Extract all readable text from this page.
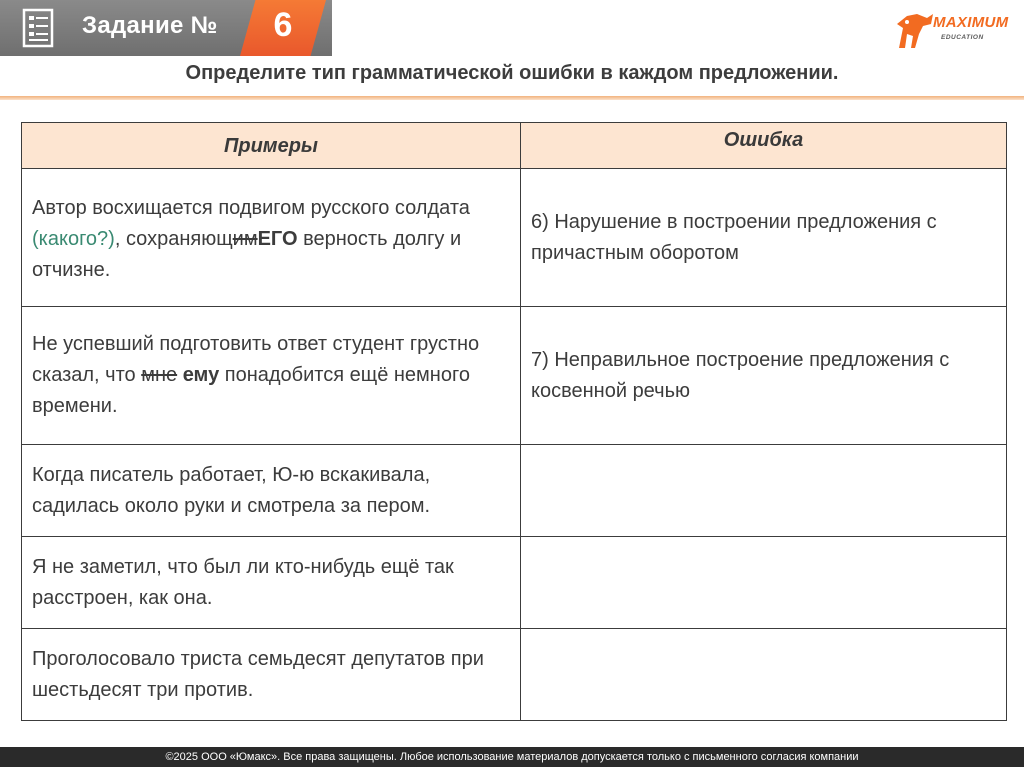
Задание №	6	MAXIMUM
EDUCATION
Определите тип грамматической ошибки в каждом предложении.
Примеры	Ошибка
Автор восхищается подвигом русского солдата (какого?), сохраняющимЕГО верность долгу и отчизне.	6) Нарушение в построении предложения с причастным оборотом
Не успевший подготовить ответ студент грустно сказал, что мне ему понадобится ещё немного времени.	7) Неправильное построение предложения с косвенной речью
Когда писатель работает, Ю-ю вскакивала, садилась около руки и смотрела за пером.	
Я не заметил, что был ли кто-нибудь ещё так расстроен, как она.	
Проголосовало триста семьдесят депутатов при шестьдесят три против.	
©2025 ООО «Юмакс». Все права защищены. Любое использование материалов допускается только с письменного согласия компании
